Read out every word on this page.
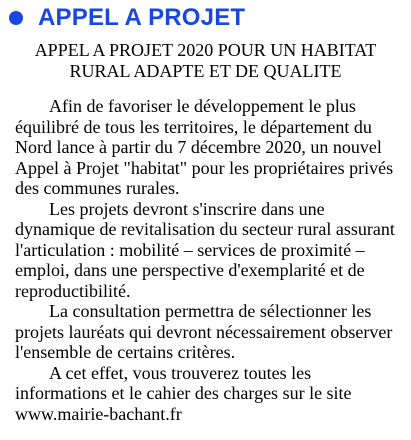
APPEL A PROJET
APPEL A PROJET 2020 POUR UN HABITAT
RURAL ADAPTE ET DE QUALITE

Afin de favoriser le développement le plus équilibré de tous les territoires, le département du Nord lance à partir du 7 décembre 2020, un nouvel Appel à Projet "habitat" pour les propriétaires privés des communes rurales.

Les projets devront s'inscrire dans une dynamique de revitalisation du secteur rural assurant l'articulation : mobilité – services de proximité – emploi, dans une perspective d'exemplarité et de reproductibilité.

La consultation permettra de sélectionner les projets lauréats qui devront nécessairement observer l'ensemble de certains critères.

A cet effet, vous trouverez toutes les informations et le cahier des charges sur le site
www.mairie-bachant.fr
